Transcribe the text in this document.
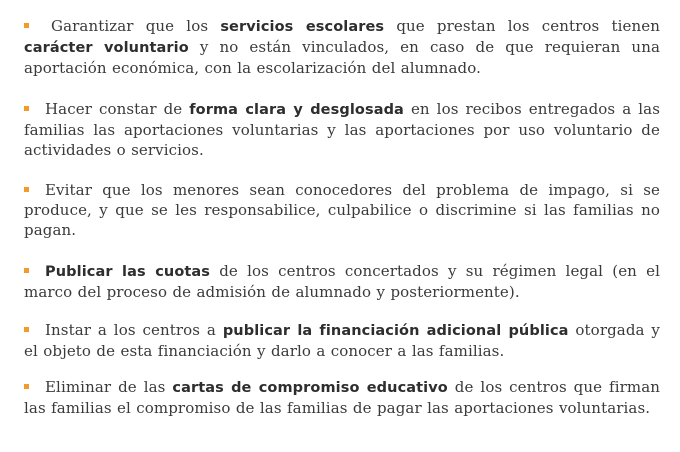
Garantizar que los servicios escolares que prestan los centros tienen carácter voluntario y no están vinculados, en caso de que requieran una aportación económica, con la escolarización del alumnado.

Hacer constar de forma clara y desglosada en los recibos entregados a las familias las aportaciones voluntarias y las aportaciones por uso voluntario de actividades o servicios.

Evitar que los menores sean conocedores del problema de impago, si se produce, y que se les responsabilice, culpabilice o discrimine si las familias no pagan.

Publicar las cuotas de los centros concertados y su régimen legal (en el marco del proceso de admisión de alumnado y posteriormente).

Instar a los centros a publicar la financiación adicional pública otorgada y el objeto de esta financiación y darlo a conocer a las familias.

Eliminar de las cartas de compromiso educativo de los centros que firman las familias el compromiso de las familias de pagar las aportaciones voluntarias.
